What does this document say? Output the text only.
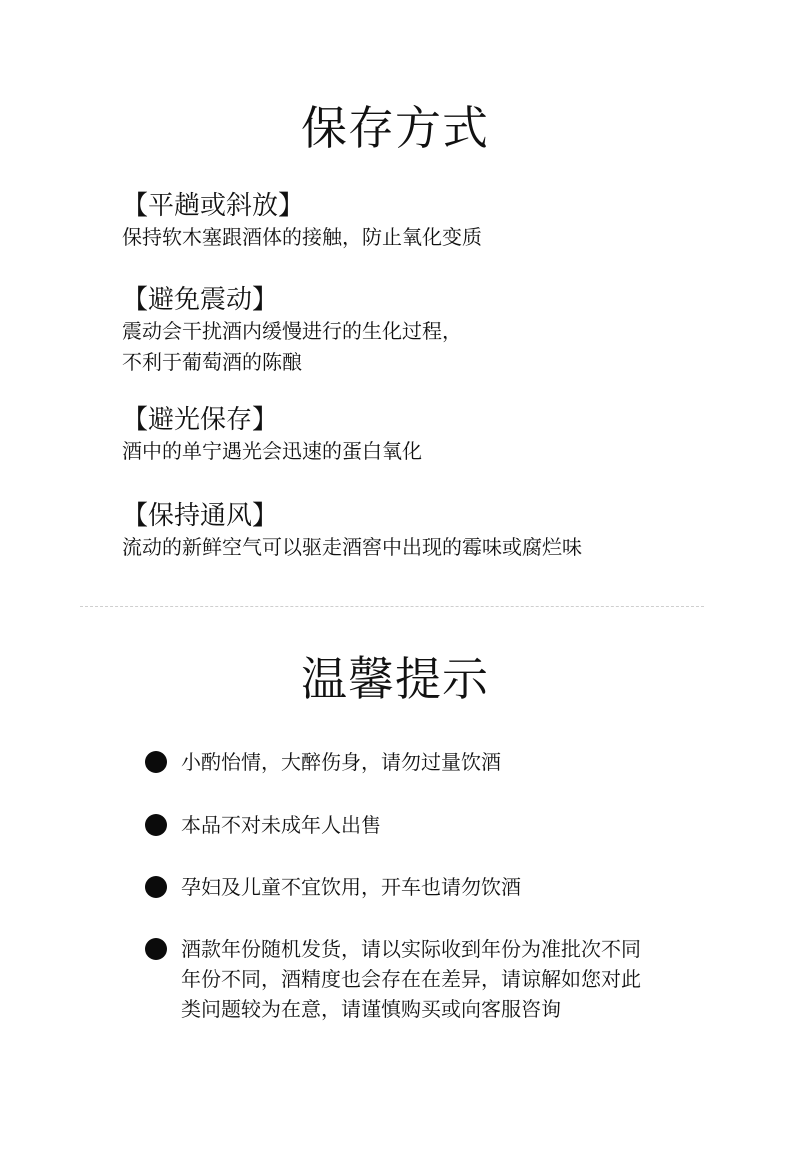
保存方式

【平趟或斜放】

保持软木塞跟酒体的接触，防止氧化变质

【避免震动】

震动会干扰酒内缓慢进行的生化过程，
不利于葡萄酒的陈酿

【避光保存】

酒中的单宁遇光会迅速的蛋白氧化

【保持通风】

流动的新鲜空气可以驱走酒窖中出现的霉味或腐烂味

温馨提示

小酌怡情，大醉伤身，请勿过量饮酒

本品不对未成年人出售

孕妇及儿童不宜饮用，开车也请勿饮酒

酒款年份随机发货，请以实际收到年份为准批次不同
年份不同，酒精度也会存在在差异，请谅解如您对此
类问题较为在意，请谨慎购买或向客服咨询
